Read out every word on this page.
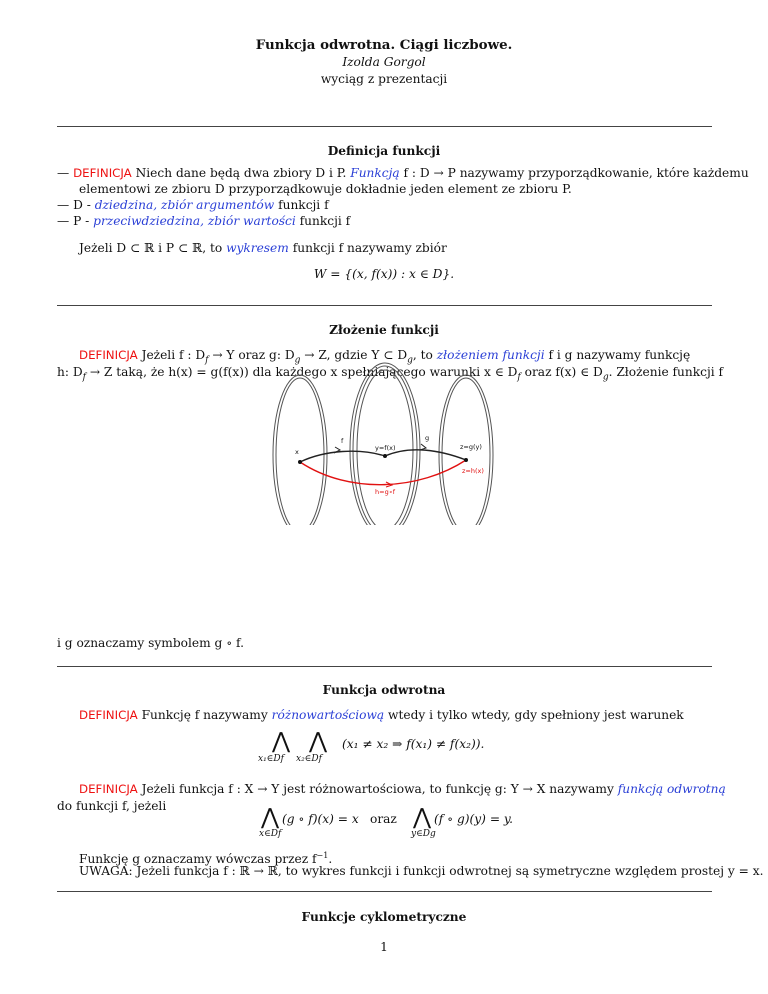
Funkcja odwrotna. Ciągi liczbowe.
Izolda Gorgol
wyciąg z prezentacji
Definicja funkcji
— DEFINICJA Niech dane będą dwa zbiory D i P. Funkcją f : D → P nazywamy przyporządkowanie, które każdemu
elementowi ze zbioru D przyporządkowuje dokładnie jeden element ze zbioru P.
— D - dziedzina, zbiór argumentów funkcji f
— P - przeciwdziedzina, zbiór wartości funkcji f
Jeżeli D ⊂ ℝ i P ⊂ ℝ, to wykresem funkcji f nazywamy zbiór
W = {(x, f(x)) : x ∈ D}.
Złożenie funkcji
DEFINICJA Jeżeli f : $D_f \to Y$ oraz g: $D_g \to Z$, gdzie Y ⊂ $D_g$, to złożeniem funkcji f i g nazywamy funkcję
h: $D_f \to Z$ taką, że h(x) = g(f(x)) dla każdego x spełniającego warunki x ∈ $D_f$ oraz f(x) ∈ $D_g$. Złożenie funkcji f
x
f
y=f(x)
g
z=g(y)
z=h(x)
h=g∘f
i g oznaczamy symbolem g ∘ f.
Funkcja odwrotna
DEFINICJA Funkcję f nazywamy różnowartościową wtedy i tylko wtedy, gdy spełniony jest warunek
⋀ ⋀
x₁∈Df x₂∈Df
(x₁ ≠ x₂ ⇒ f(x₁) ≠ f(x₂)).
DEFINICJA Jeżeli funkcja f : X → Y jest różnowartościowa, to funkcję g: Y → X nazywamy funkcją odwrotną
do funkcji f, jeżeli	⋀
x∈Df
(g ∘ f)(x) = x oraz ⋀
y∈Dg
(f ∘ g)(y) = y.
Funkcję g oznaczamy wówczas przez $f^{-1}$.
UWAGA: Jeżeli funkcja f : ℝ → ℝ, to wykres funkcji i funkcji odwrotnej są symetryczne względem prostej y = x.
Funkcje cyklometryczne
1
